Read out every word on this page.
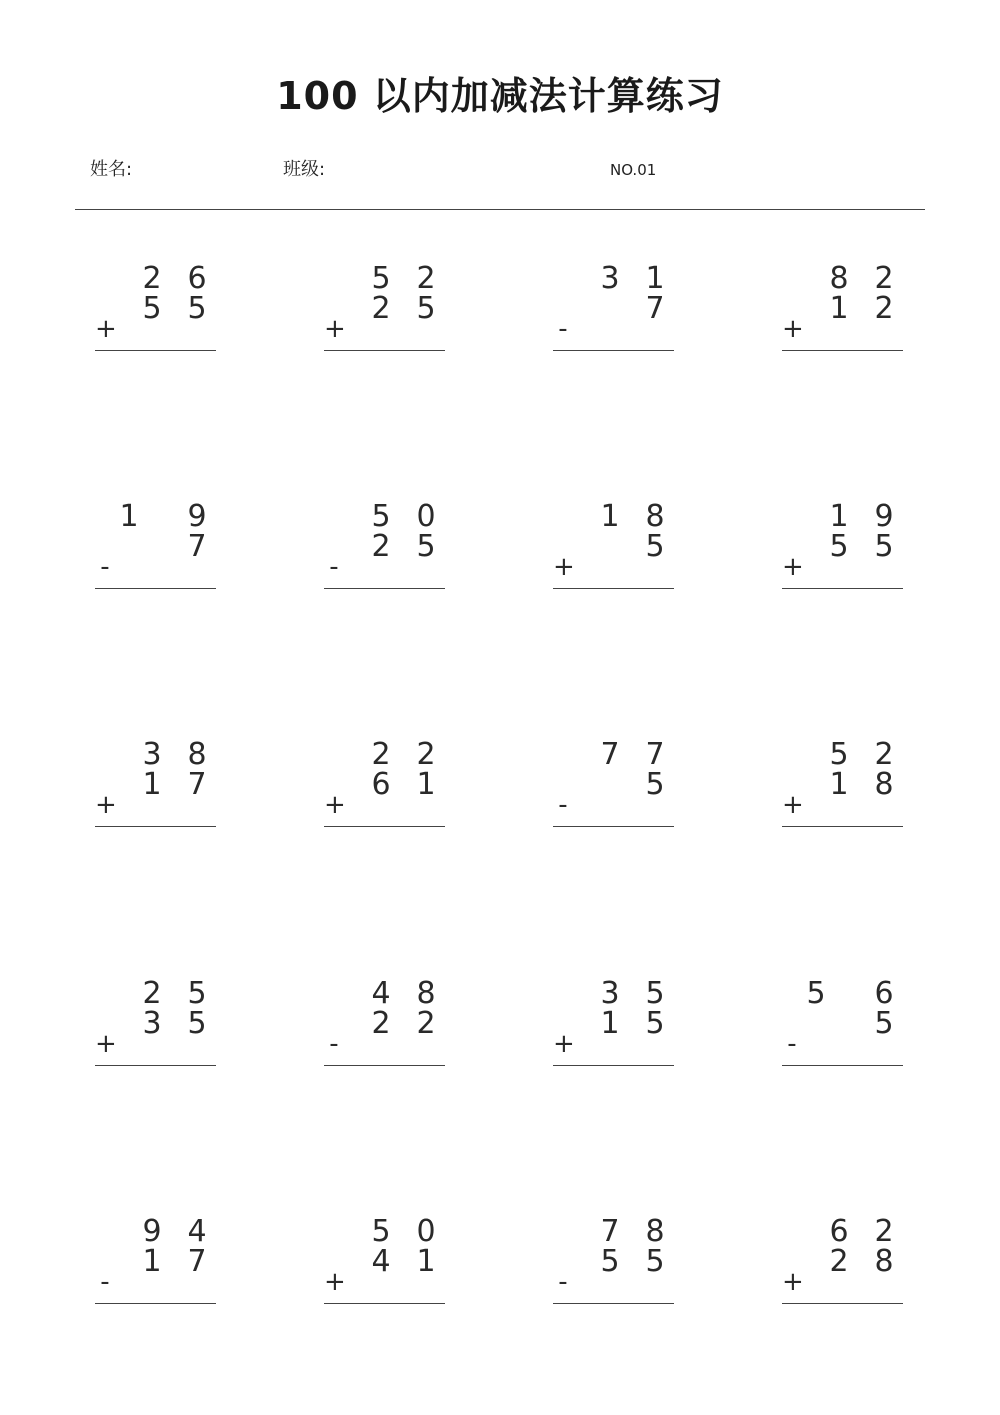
100 以内加减法计算练习
姓名:	班级:	NO.01
2 6
5 5
+
5 2
2 5
+
3 1
7
-
8 2
1 2
+
1 9
7
-
5 0
2 5
-
1 8
5
+
1 9
5 5
+
3 8
1 7
+
2 2
6 1
+
7 7
5
-
5 2
1 8
+
2 5
3 5
+
4 8
2 2
-
3 5
1 5
+
5 6
5
-
9 4
1 7
-
5 0
4 1
+
7 8
5 5
-
6 2
2 8
+
